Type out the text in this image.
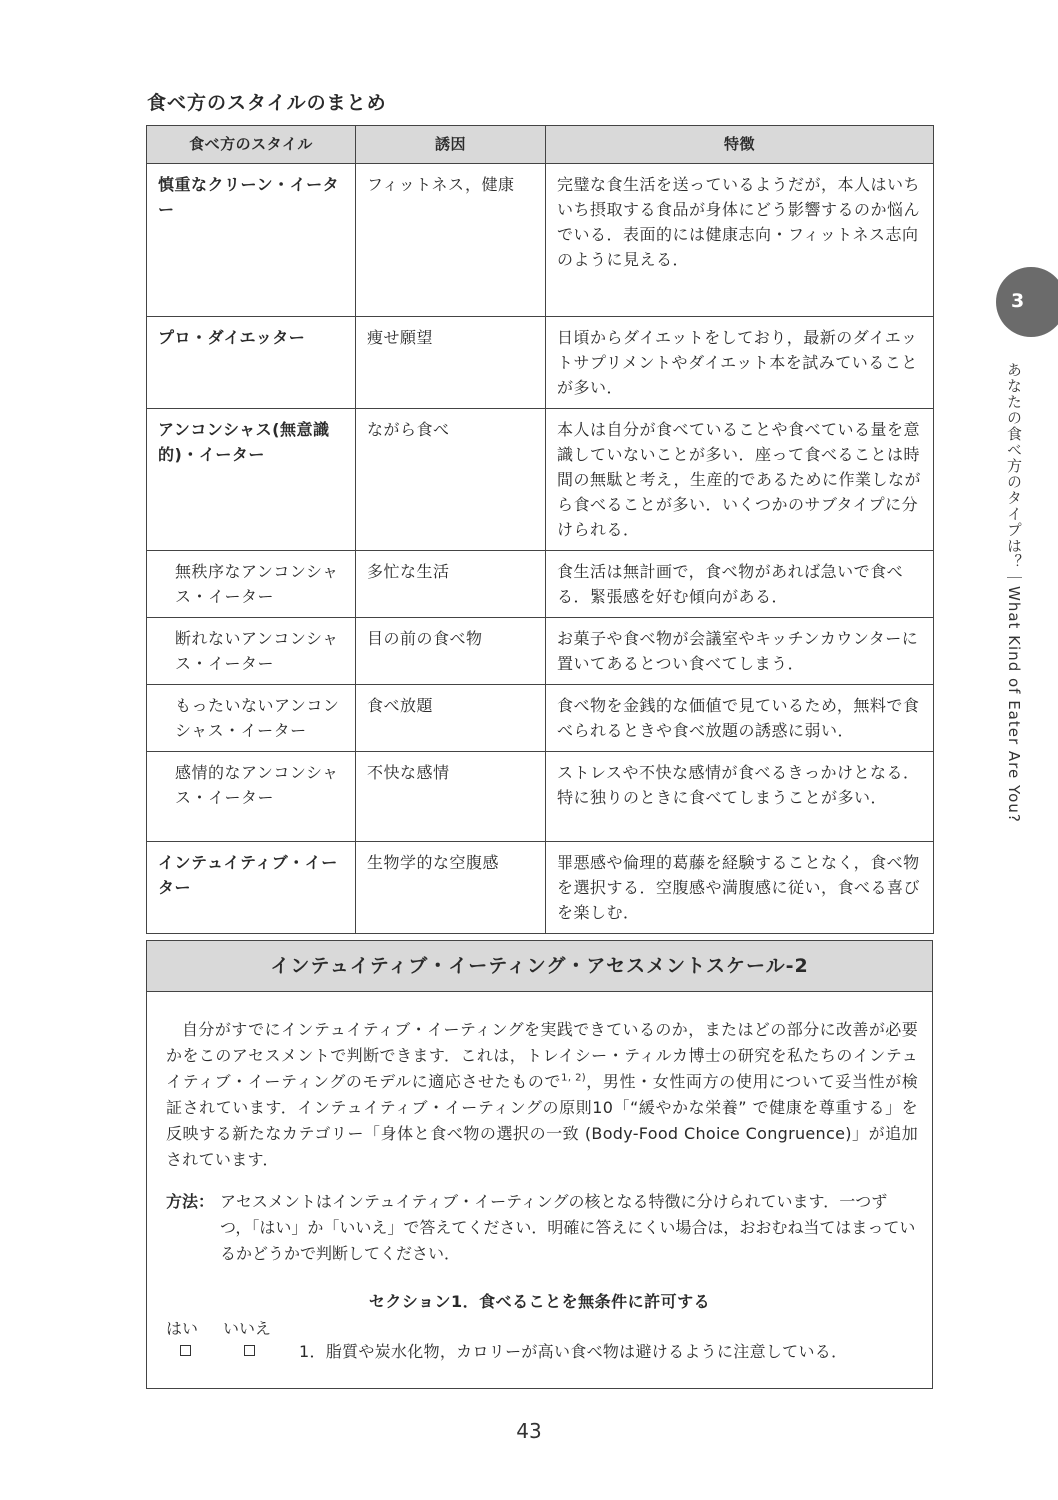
食べ方のスタイルのまとめ
食べ方のスタイル	誘因	特徴
慎重なクリーン・イーター	フィットネス，健康	完璧な食生活を送っているようだが，本人はいちいち摂取する食品が身体にどう影響するのか悩んでいる．表面的には健康志向・フィットネス志向のように見える．
プロ・ダイエッター	痩せ願望	日頃からダイエットをしており，最新のダイエットサプリメントやダイエット本を試みていることが多い．
アンコンシャス(無意識的)・イーター	ながら食べ	本人は自分が食べていることや食べている量を意識していないことが多い．座って食べることは時間の無駄と考え，生産的であるために作業しながら食べることが多い．いくつかのサブタイプに分けられる．
無秩序なアンコンシャス・イーター	多忙な生活	食生活は無計画で，食べ物があれば急いで食べる．緊張感を好む傾向がある．
断れないアンコンシャス・イーター	目の前の食べ物	お菓子や食べ物が会議室やキッチンカウンターに置いてあるとつい食べてしまう．
もったいないアンコンシャス・イーター	食べ放題	食べ物を金銭的な価値で見ているため，無料で食べられるときや食べ放題の誘惑に弱い．
感情的なアンコンシャス・イーター	不快な感情	ストレスや不快な感情が食べるきっかけとなる．特に独りのときに食べてしまうことが多い．
インテュイティブ・イーター	生物学的な空腹感	罪悪感や倫理的葛藤を経験することなく，食べ物を選択する．空腹感や満腹感に従い，食べる喜びを楽しむ．
3
あなたの食べ方のタイプは？｜What Kind of Eater Are You?
インテュイティブ・イーティング・アセスメントスケール‐2

自分がすでにインテュイティブ・イーティングを実践できているのか，またはどの部分に改善が必要かをこのアセスメントで判断できます．これは，トレイシー・ティルカ博士の研究を私たちのインテュイティブ・イーティングのモデルに適応させたもので$^{1, 2)}$，男性・女性両方の使用について妥当性が検証されています．インテュイティブ・イーティングの原則10「“緩やかな栄養” で健康を尊重する」を反映する新たなカテゴリー「身体と食べ物の選択の一致 (Body-Food Choice Congruence)」が追加されています．

方法： アセスメントはインテュイティブ・イーティングの核となる特徴に分けられています．一つずつ，「はい」か「いいえ」で答えてください．明確に答えにくい場合は，おおむね当てはまっているかどうかで判断してください．
セクション1．食べることを無条件に許可する
はい いいえ
1．脂質や炭水化物，カロリーが高い食べ物は避けるように注意している．
43
